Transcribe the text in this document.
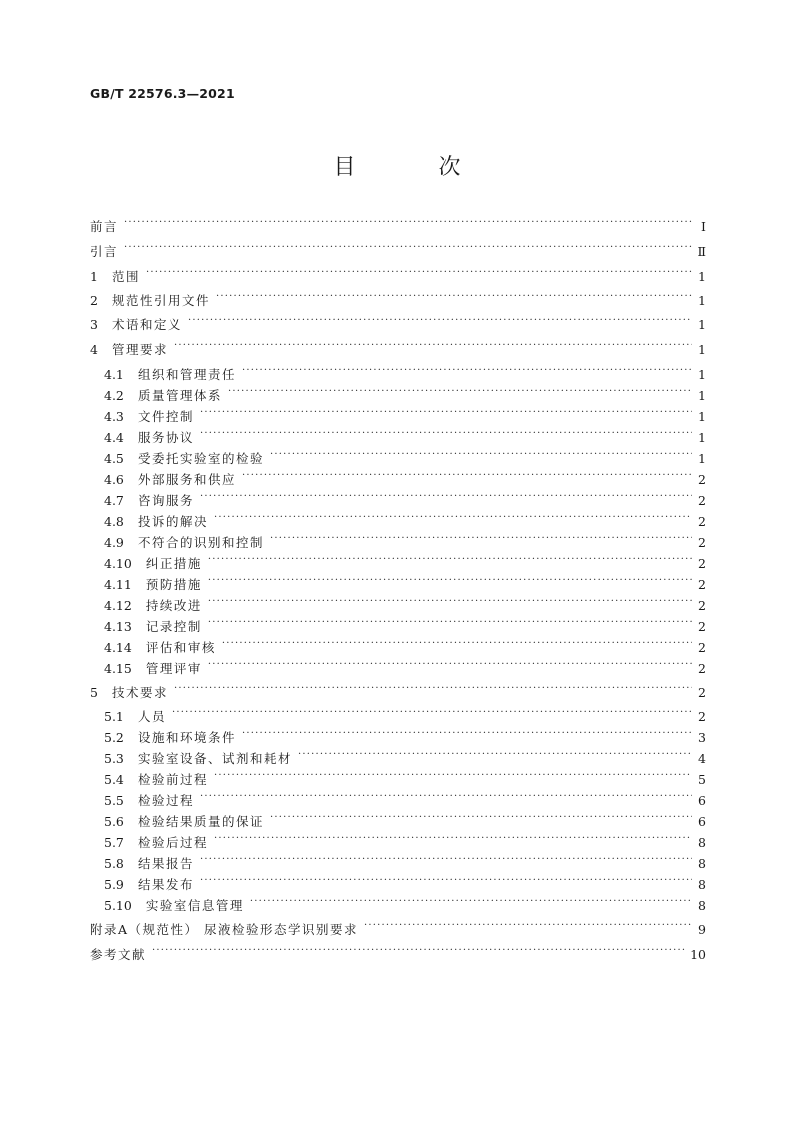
GB/T 22576.3—2021
目 次
前言 ·····	Ⅰ
引言 ·····	Ⅱ
1 范围 ·····	1
2 规范性引用文件 ·····	1
3 术语和定义 ·····	1
4 管理要求 ·····	1
4.1 组织和管理责任 ·····	1
4.2 质量管理体系 ·····	1
4.3 文件控制 ·····	1
4.4 服务协议 ·····	1
4.5 受委托实验室的检验 ·····	1
4.6 外部服务和供应 ·····	2
4.7 咨询服务 ·····	2
4.8 投诉的解决 ·····	2
4.9 不符合的识别和控制 ·····	2
4.10 纠正措施 ·····	2
4.11 预防措施 ·····	2
4.12 持续改进 ·····	2
4.13 记录控制 ·····	2
4.14 评估和审核 ·····	2
4.15 管理评审 ·····	2
5 技术要求 ·····	2
5.1 人员 ·····	2
5.2 设施和环境条件 ·····	3
5.3 实验室设备、试剂和耗材 ·····	4
5.4 检验前过程 ·····	5
5.5 检验过程 ·····	6
5.6 检验结果质量的保证 ·····	6
5.7 检验后过程 ·····	8
5.8 结果报告 ·····	8
5.9 结果发布 ·····	8
5.10 实验室信息管理 ·····	8
附录A（规范性） 尿液检验形态学识别要求 ·····	9
参考文献 ·····	10
